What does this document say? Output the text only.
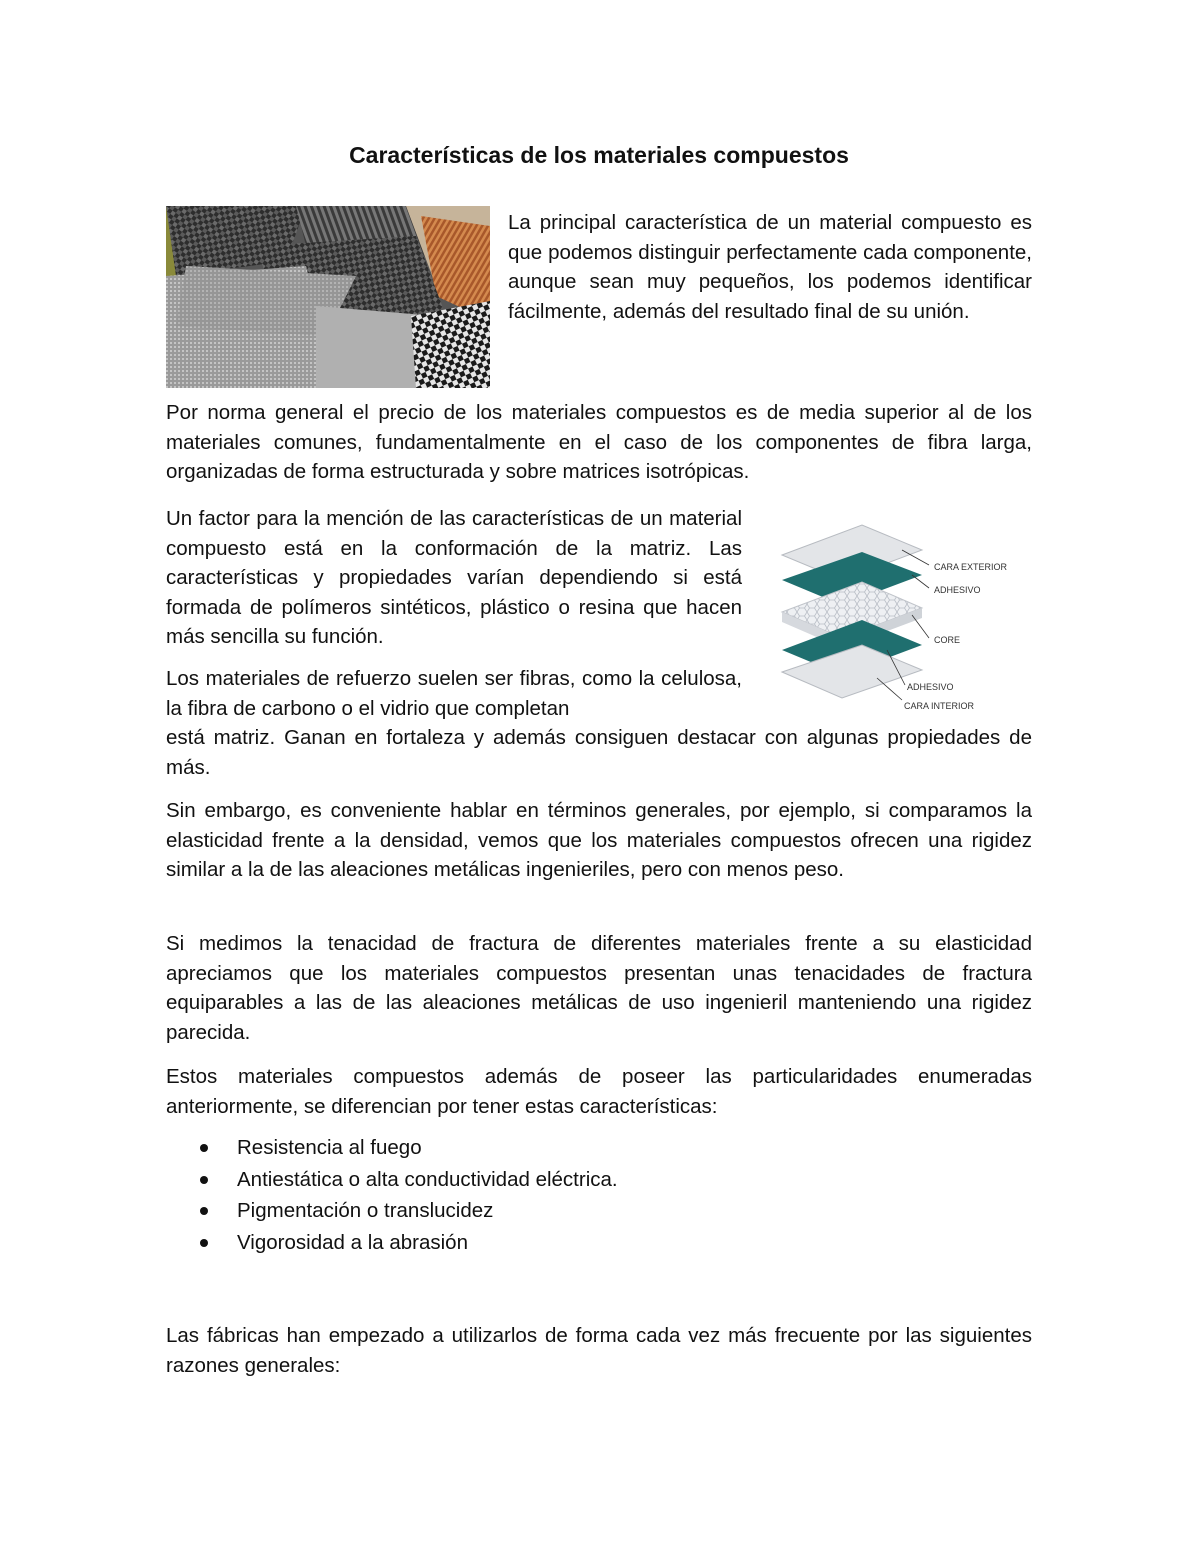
Características de los materiales compuestos

La principal característica de un material compuesto es que podemos distinguir perfectamente cada componente, aunque sean muy pequeños, los podemos identificar fácilmente, además del resultado final de su unión.

Por norma general el precio de los materiales compuestos es de media superior al de los materiales comunes, fundamentalmente en el caso de los componentes de fibra larga, organizadas de forma estructurada y sobre matrices isotrópicas.

Un factor para la mención de las características de un material compuesto está en la conformación de la matriz. Las características y propiedades varían dependiendo si está formada de polímeros sintéticos, plástico o resina que hacen más sencilla su función.

Los materiales de refuerzo suelen ser fibras, como la celulosa, la fibra de carbono o el vidrio que completan

está matriz. Ganan en fortaleza y además consiguen destacar con algunas propiedades de más.

CARA EXTERIOR
ADHESIVO
CORE
ADHESIVO
CARA INTERIOR

Sin embargo, es conveniente hablar en términos generales, por ejemplo, si comparamos la elasticidad frente a la densidad, vemos que los materiales compuestos ofrecen una rigidez similar a la de las aleaciones metálicas ingenieriles, pero con menos peso.

Si medimos la tenacidad de fractura de diferentes materiales frente a su elasticidad apreciamos que los materiales compuestos presentan unas tenacidades de fractura equiparables a las de las aleaciones metálicas de uso ingenieril manteniendo una rigidez parecida.

Estos materiales compuestos además de poseer las particularidades enumeradas anteriormente, se diferencian por tener estas características:

Resistencia al fuego
Antiestática o alta conductividad eléctrica.
Pigmentación o translucidez
Vigorosidad a la abrasión

Las fábricas han empezado a utilizarlos de forma cada vez más frecuente por las siguientes razones generales:
